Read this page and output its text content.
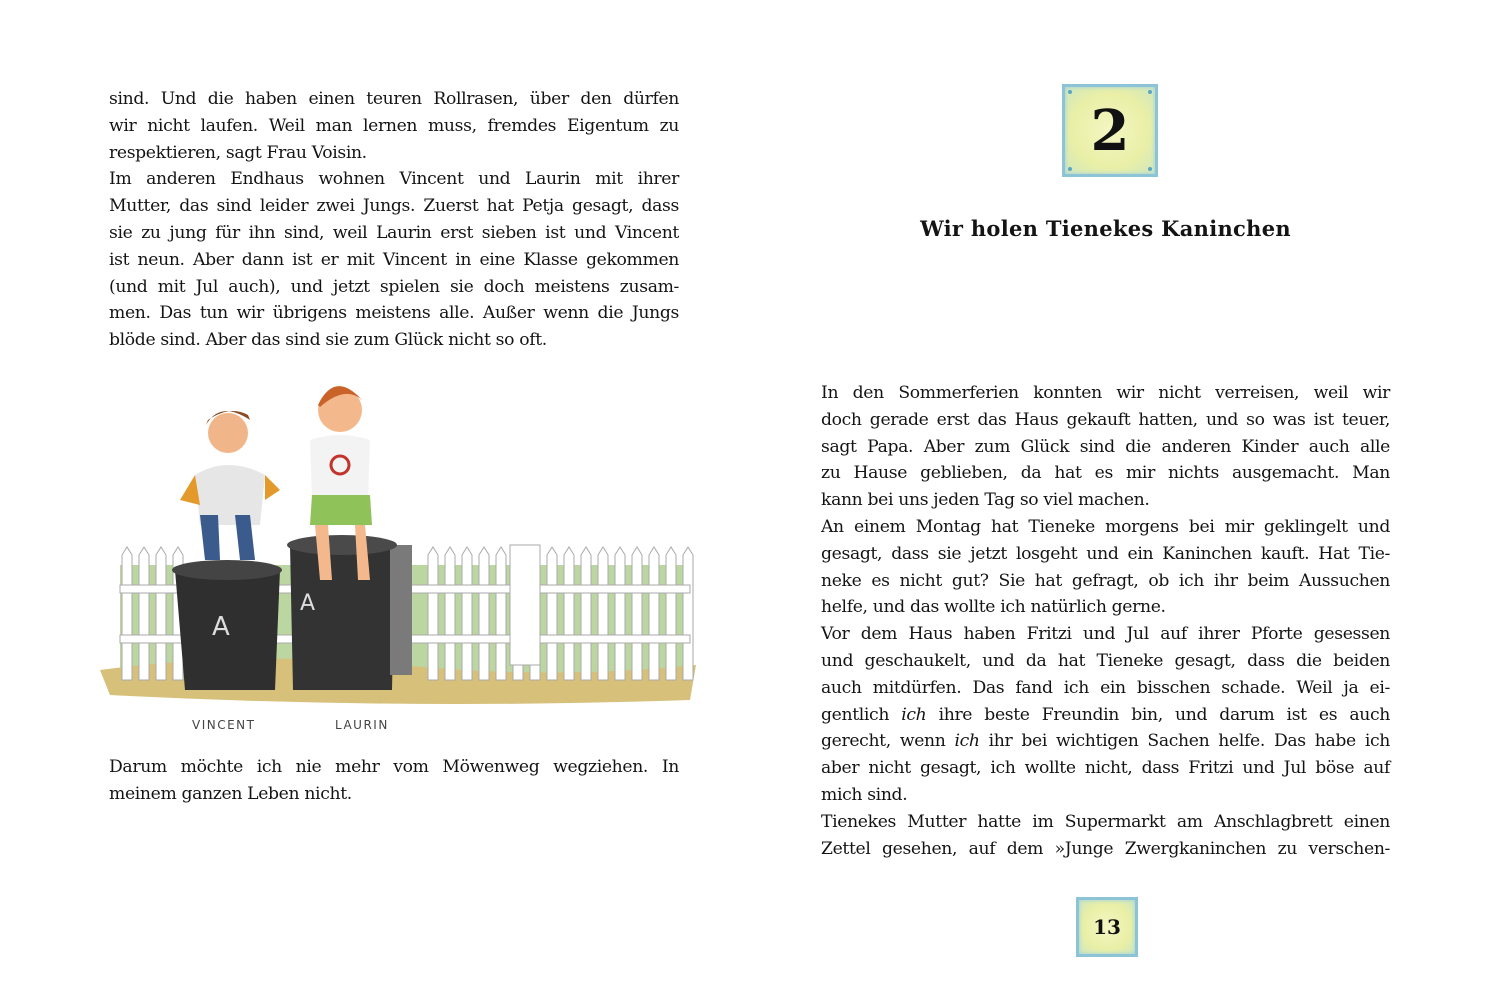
sind. Und die haben einen teuren Rollrasen, über den dürfen
wir nicht laufen. Weil man lernen muss, fremdes Eigentum zu
respektieren, sagt Frau Voisin.
Im anderen Endhaus wohnen Vincent und Laurin mit ihrer
Mutter, das sind leider zwei Jungs. Zuerst hat Petja gesagt, dass
sie zu jung für ihn sind, weil Laurin erst sieben ist und Vincent
ist neun. Aber dann ist er mit Vincent in eine Klasse gekommen
(und mit Jul auch), und jetzt spielen sie doch meistens zusam-
men. Das tun wir übrigens meistens alle. Außer wenn die Jungs
blöde sind. Aber das sind sie zum Glück nicht so oft.
A
A
VINCENT	LAURIN
Darum möchte ich nie mehr vom Möwenweg wegziehen. In
meinem ganzen Leben nicht.
2
Wir holen Tienekes Kaninchen
In den Sommerferien konnten wir nicht verreisen, weil wir
doch gerade erst das Haus gekauft hatten, und so was ist teuer,
sagt Papa. Aber zum Glück sind die anderen Kinder auch alle
zu Hause geblieben, da hat es mir nichts ausgemacht. Man
kann bei uns jeden Tag so viel machen.
An einem Montag hat Tieneke morgens bei mir geklingelt und
gesagt, dass sie jetzt losgeht und ein Kaninchen kauft. Hat Tie-
neke es nicht gut? Sie hat gefragt, ob ich ihr beim Aussuchen
helfe, und das wollte ich natürlich gerne.
Vor dem Haus haben Fritzi und Jul auf ihrer Pforte gesessen
und geschaukelt, und da hat Tieneke gesagt, dass die beiden
auch mitdürfen. Das fand ich ein bisschen schade. Weil ja ei-
gentlich ich ihre beste Freundin bin, und darum ist es auch
gerecht, wenn ich ihr bei wichtigen Sachen helfe. Das habe ich
aber nicht gesagt, ich wollte nicht, dass Fritzi und Jul böse auf
mich sind.
Tienekes Mutter hatte im Supermarkt am Anschlagbrett einen
Zettel gesehen, auf dem »Junge Zwergkaninchen zu verschen-
13
